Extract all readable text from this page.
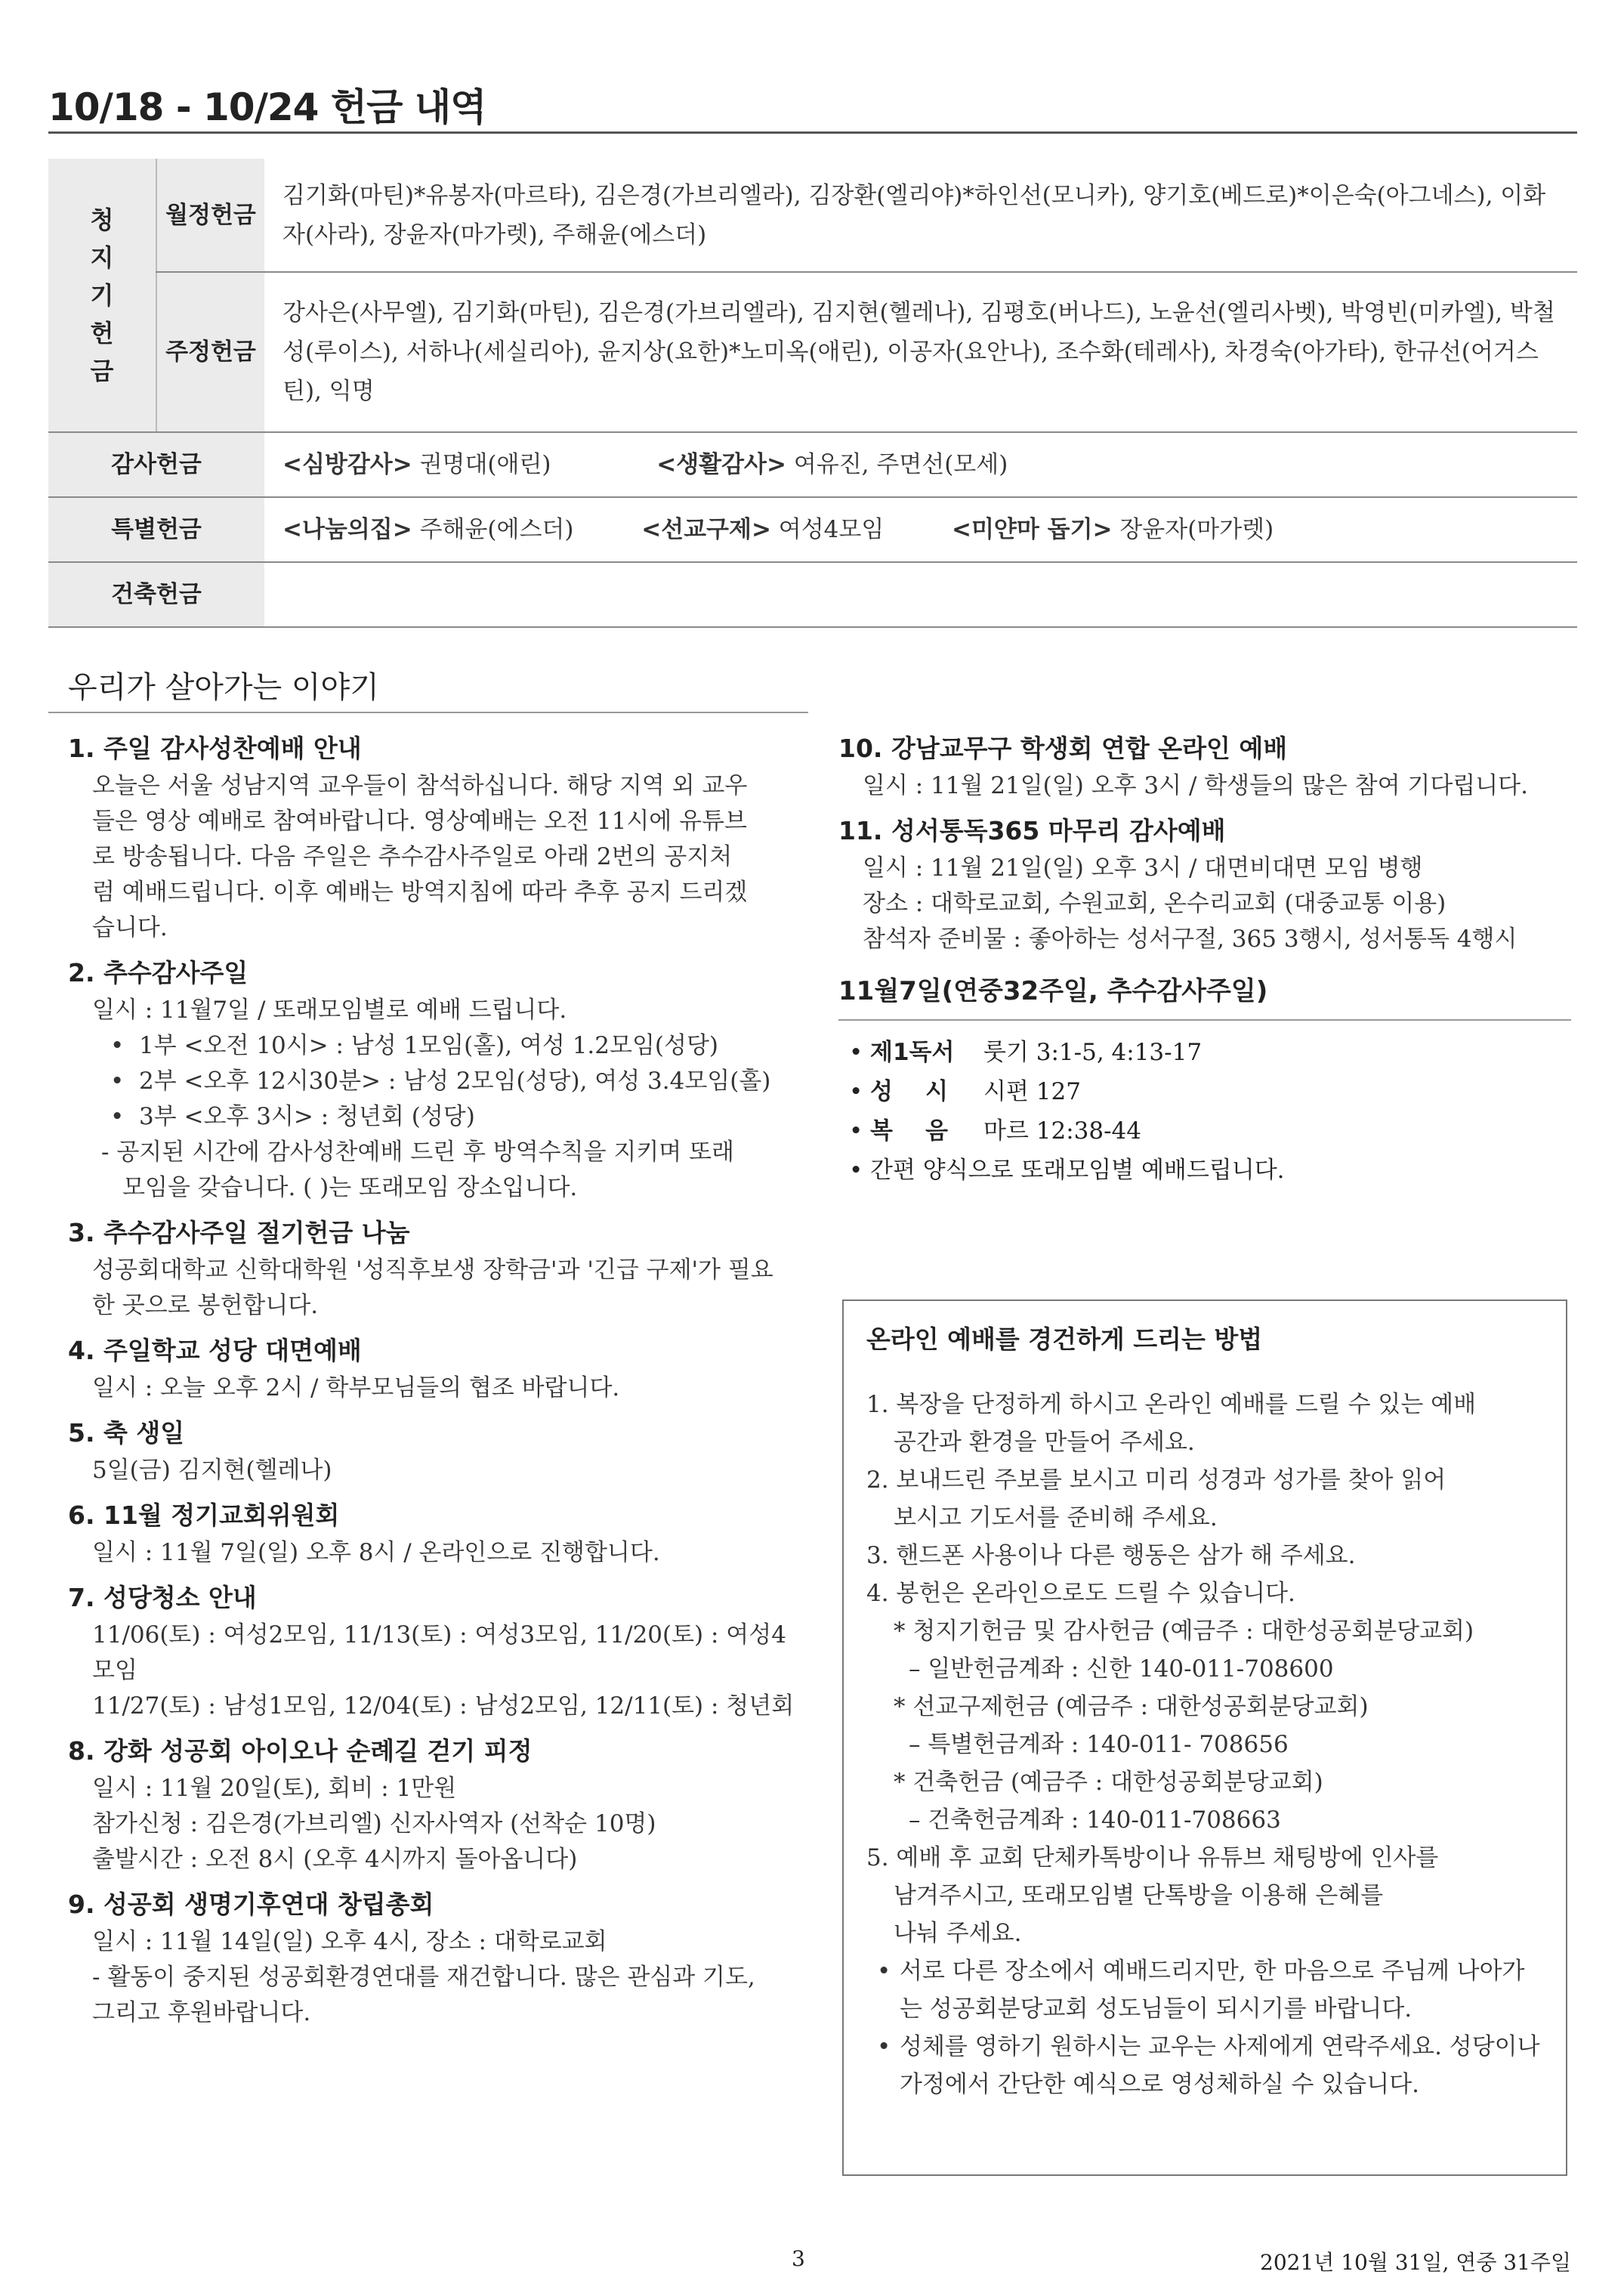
10/18 - 10/24 헌금 내역
청지기헌금	월정헌금	김기화(마틴)*유봉자(마르타), 김은경(가브리엘라), 김장환(엘리야)*하인선(모니카), 양기호(베드로)*이은숙(아그네스), 이화자(사라), 장윤자(마가렛), 주해윤(에스더)
	주정헌금	강사은(사무엘), 김기화(마틴), 김은경(가브리엘라), 김지현(헬레나), 김평호(버나드), 노윤선(엘리사벳), 박영빈(미카엘), 박철성(루이스), 서하나(세실리아), 윤지상(요한)*노미옥(애린), 이공자(요안나), 조수화(테레사), 차경숙(아가타), 한규선(어거스틴), 익명
감사헌금		<심방감사> 권명대(애린) <생활감사> 여유진, 주면선(모세)
특별헌금		<나눔의집> 주해윤(에스더) <선교구제> 여성4모임 <미얀마 돕기> 장윤자(마가렛)
건축헌금		
우리가 살아가는 이야기
1. 주일 감사성찬예배 안내
오늘은 서울 성남지역 교우들이 참석하십니다. 해당 지역 외 교우
들은 영상 예배로 참여바랍니다. 영상예배는 오전 11시에 유튜브
로 방송됩니다. 다음 주일은 추수감사주일로 아래 2번의 공지처
럼 예배드립니다. 이후 예배는 방역지침에 따라 추후 공지 드리겠
습니다.
2. 추수감사주일
일시 : 11월7일 / 또래모임별로 예배 드립니다.
• 1부 <오전 10시> : 남성 1모임(홀), 여성 1.2모임(성당)
• 2부 <오후 12시30분> : 남성 2모임(성당), 여성 3.4모임(홀)
• 3부 <오후 3시> : 청년회 (성당)
- 공지된 시간에 감사성찬예배 드린 후 방역수칙을 지키며 또래
모임을 갖습니다. ( )는 또래모임 장소입니다.
3. 추수감사주일 절기헌금 나눔
성공회대학교 신학대학원 '성직후보생 장학금'과 '긴급 구제'가 필요
한 곳으로 봉헌합니다.
4. 주일학교 성당 대면예배
일시 : 오늘 오후 2시 / 학부모님들의 협조 바랍니다.
5. 축 생일
5일(금) 김지현(헬레나)
6. 11월 정기교회위원회
일시 : 11월 7일(일) 오후 8시 / 온라인으로 진행합니다.
7. 성당청소 안내
11/06(토) : 여성2모임, 11/13(토) : 여성3모임, 11/20(토) : 여성4모임
11/27(토) : 남성1모임, 12/04(토) : 남성2모임, 12/11(토) : 청년회
8. 강화 성공회 아이오나 순례길 걷기 피정
일시 : 11월 20일(토), 회비 : 1만원
참가신청 : 김은경(가브리엘) 신자사역자 (선착순 10명)
출발시간 : 오전 8시 (오후 4시까지 돌아옵니다)
9. 성공회 생명기후연대 창립총회
일시 : 11월 14일(일) 오후 4시, 장소 : 대학로교회
- 활동이 중지된 성공회환경연대를 재건합니다. 많은 관심과 기도,
그리고 후원바랍니다.
10. 강남교무구 학생회 연합 온라인 예배
일시 : 11월 21일(일) 오후 3시 / 학생들의 많은 참여 기다립니다.
11. 성서통독365 마무리 감사예배
일시 : 11월 21일(일) 오후 3시 / 대면비대면 모임 병행
장소 : 대학로교회, 수원교회, 온수리교회 (대중교통 이용)
참석자 준비물 : 좋아하는 성서구절, 365 3행시, 성서통독 4행시
11월7일(연중32주일, 추수감사주일)
• 제1독서 룻기 3:1-5, 4:13-17
• 성    시 시편 127
• 복    음 마르 12:38-44
• 간편 양식으로 또래모임별 예배드립니다.
온라인 예배를 경건하게 드리는 방법
1. 복장을 단정하게 하시고 온라인 예배를 드릴 수 있는 예배
공간과 환경을 만들어 주세요.
2. 보내드린 주보를 보시고 미리 성경과 성가를 찾아 읽어
보시고 기도서를 준비해 주세요.
3. 핸드폰 사용이나 다른 행동은 삼가 해 주세요.
4. 봉헌은 온라인으로도 드릴 수 있습니다.
* 청지기헌금 및 감사헌금 (예금주 : 대한성공회분당교회)
– 일반헌금계좌 : 신한 140-011-708600
* 선교구제헌금 (예금주 : 대한성공회분당교회)
– 특별헌금계좌 : 140-011- 708656
* 건축헌금 (예금주 : 대한성공회분당교회)
– 건축헌금계좌 : 140-011-708663
5. 예배 후 교회 단체카톡방이나 유튜브 채팅방에 인사를
남겨주시고, 또래모임별 단톡방을 이용해 은혜를
나눠 주세요.
• 서로 다른 장소에서 예배드리지만, 한 마음으로 주님께 나아가는 성공회분당교회 성도님들이 되시기를 바랍니다.
• 성체를 영하기 원하시는 교우는 사제에게 연락주세요. 성당이나 가정에서 간단한 예식으로 영성체하실 수 있습니다.
3	2021년 10월 31일, 연중 31주일
